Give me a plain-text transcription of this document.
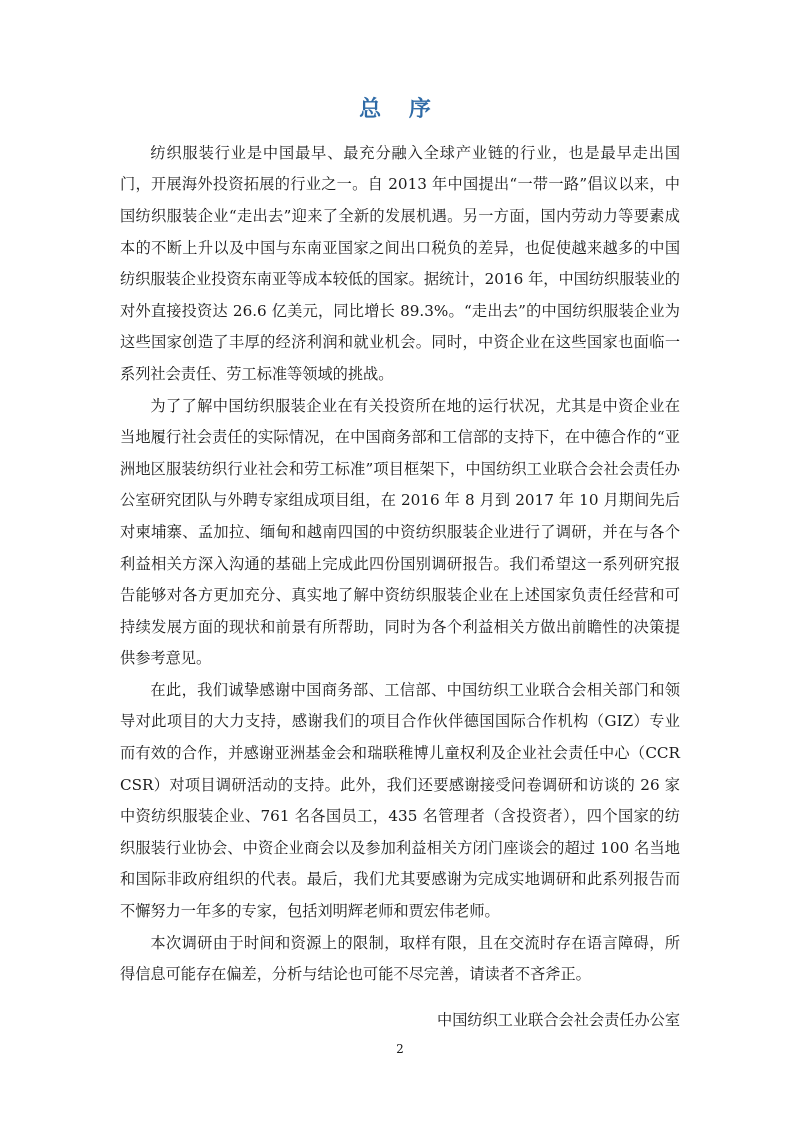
总 序

纺织服装行业是中国最早、最充分融入全球产业链的行业，也是最早走出国门，开展海外投资拓展的行业之一。自 2013 年中国提出“一带一路”倡议以来，中国纺织服装企业“走出去”迎来了全新的发展机遇。另一方面，国内劳动力等要素成本的不断上升以及中国与东南亚国家之间出口税负的差异，也促使越来越多的中国纺织服装企业投资东南亚等成本较低的国家。据统计，2016 年，中国纺织服装业的对外直接投资达 26.6 亿美元，同比增长 89.3%。“走出去”的中国纺织服装企业为这些国家创造了丰厚的经济利润和就业机会。同时，中资企业在这些国家也面临一系列社会责任、劳工标准等领域的挑战。

为了了解中国纺织服装企业在有关投资所在地的运行状况，尤其是中资企业在当地履行社会责任的实际情况，在中国商务部和工信部的支持下，在中德合作的“亚洲地区服装纺织行业社会和劳工标准”项目框架下，中国纺织工业联合会社会责任办公室研究团队与外聘专家组成项目组，在 2016 年 8 月到 2017 年 10 月期间先后对柬埔寨、孟加拉、缅甸和越南四国的中资纺织服装企业进行了调研，并在与各个利益相关方深入沟通的基础上完成此四份国别调研报告。我们希望这一系列研究报告能够对各方更加充分、真实地了解中资纺织服装企业在上述国家负责任经营和可持续发展方面的现状和前景有所帮助，同时为各个利益相关方做出前瞻性的决策提供参考意见。

在此，我们诚挚感谢中国商务部、工信部、中国纺织工业联合会相关部门和领导对此项目的大力支持，感谢我们的项目合作伙伴德国国际合作机构（GIZ）专业而有效的合作，并感谢亚洲基金会和瑞联稚博儿童权利及企业社会责任中心（CCR CSR）对项目调研活动的支持。此外，我们还要感谢接受问卷调研和访谈的 26 家中资纺织服装企业、761 名各国员工，435 名管理者（含投资者），四个国家的纺织服装行业协会、中资企业商会以及参加利益相关方闭门座谈会的超过 100 名当地和国际非政府组织的代表。最后，我们尤其要感谢为完成实地调研和此系列报告而不懈努力一年多的专家，包括刘明辉老师和贾宏伟老师。

本次调研由于时间和资源上的限制，取样有限，且在交流时存在语言障碍，所得信息可能存在偏差，分析与结论也可能不尽完善，请读者不吝斧正。

中国纺织工业联合会社会责任办公室
2
